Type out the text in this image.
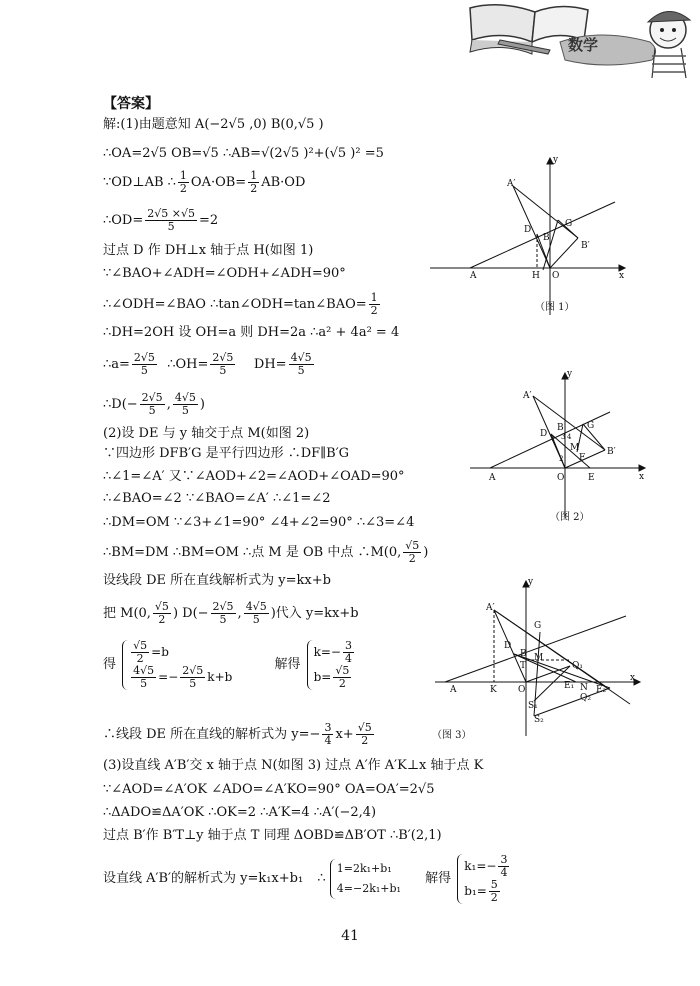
数学
【答案】
解:(1)由题意知 A(−2√5 ,0) B(0,√5 )
∴OA=2√5 OB=√5 ∴AB=√(2√5 )²+(√5 )² =5
∵OD⊥AB ∴ $\frac{1}{2} OA\cdot OB= \frac{1}{2} AB\cdot OD$
∴OD= $\frac{2√5 \times√5}{5} =2$
过点 D 作 DH⊥x 轴于点 H(如图 1)
∵∠BAO+∠ADH=∠ODH+∠ADH=90°
∴∠ODH=∠BAO ∴tan∠ODH=tan∠BAO= $\frac{1}{2}$
∴DH=2OH 设 OH=a 则 DH=2a ∴a² + 4a² = 4
∴a= $\frac{2√5}{5}$ ∴OH= $\frac{2√5}{5} DH= \frac{4√5}{5}$
∴D(− $\frac{2√5}{5}$ , $\frac{4√5}{5}$ )
(2)设 DE 与 y 轴交于点 M(如图 2)
∵四边形 DFB′G 是平行四边形 ∴DF∥B′G
∴∠1=∠A′ 又∵∠AOD+∠2=∠AOD+∠OAD=90°
∴∠BAO=∠2 ∵∠BAO=∠A′ ∴∠1=∠2
∴DM=OM ∵∠3+∠1=90° ∠4+∠2=90° ∴∠3=∠4
∴BM=DM ∴BM=OM ∴点 M 是 OB 中点 ∴M(0, $\frac{√5}{2}$ )
设线段 DE 所在直线解析式为 y=kx+b
把 M(0, $\frac{√5}{2}$ ) $D(- \frac{2√5}{5}$ , $\frac{4√5}{5}$ )代入 y=kx+b
得 $\frac{√5}{2} =b$
$\frac{4√5}{5} =- \frac{2√5}{5} k+b$
解得
$k=- \frac{3}{4}$
$b= \frac{√5}{2}$
∴线段 DE 所在直线的解析式为 $y=- \frac{3}{4} x+ \frac{√5}{2}$
(3)设直线 A′B′交 x 轴于点 N(如图 3) 过点 A′作 A′K⊥x 轴于点 K
∵∠AOD=∠A′OK ∠ADO=∠A′KO=90° OA=OA′=2√5
∴ΔADO≌ΔA′OK ∴OK=2 ∴A′K=4 ∴A′(−2,4)
过点 B′作 B′T⊥y 轴于点 T 同理 ΔOBD≌ΔB′OT ∴B′(2,1)
设直线 A′B′的解析式为 y=k₁x+b₁ ∴
1=2k₁+b₁
4=−2k₁+b₁
解得
$k_1=- \frac{3}{4}$
$b_1= \frac{5}{2}$
y
x
A	H O
B
D
G
A′
B′
（图 1）
y
x
A	O	E
D
B
M
F
G
A′
B′
1
2
3 4
（图 2）
y
x
A	K O
A′
D
B
T
G
M
Q₁
E₁ N E₂
Q₂
S₁
S₂
（图 3）
41
